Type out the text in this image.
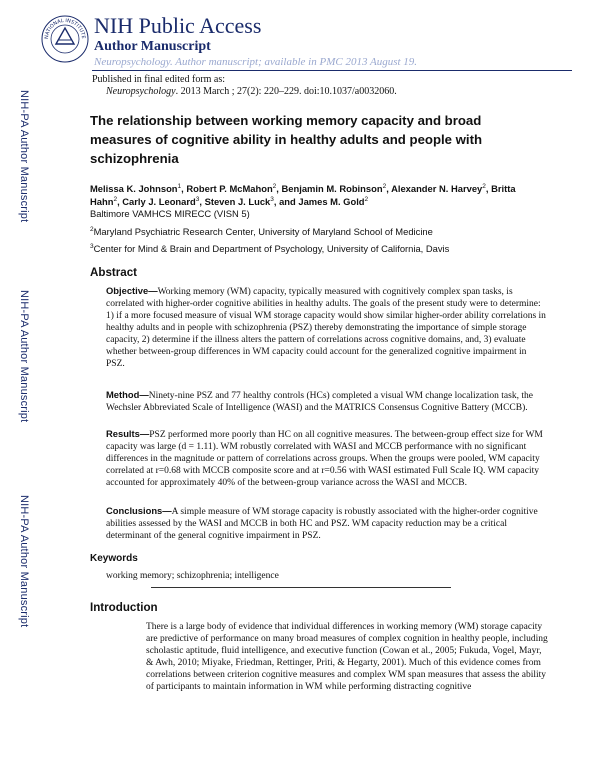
NATIONAL INSTITUTE NIH Public Access
Author Manuscript
Neuropsychology. Author manuscript; available in PMC 2013 August 19.
Published in final edited form as:
Neuropsychology. 2013 March ; 27(2): 220–229. doi:10.1037/a0032060.
NIH-PA Author Manuscript
NIH-PA Author Manuscript
NIH-PA Author Manuscript
The relationship between working memory capacity and broad measures of cognitive ability in healthy adults and people with schizophrenia
Melissa K. Johnson$^1$, Robert P. McMahon$^2$, Benjamin M. Robinson$^2$, Alexander N. Harvey$^2$, Britta Hahn$^2$, Carly J. Leonard$^3$, Steven J. Luck$^3$, and James M. Gold$^2$
Baltimore VAMHCS MIRECC (VISN 5)
$^2$Maryland Psychiatric Research Center, University of Maryland School of Medicine
$^3$Center for Mind & Brain and Department of Psychology, University of California, Davis
Abstract
Objective—Working memory (WM) capacity, typically measured with cognitively complex span tasks, is correlated with higher-order cognitive abilities in healthy adults. The goals of the present study were to determine: 1) if a more focused measure of visual WM storage capacity would show similar higher-order ability correlations in healthy adults and in people with schizophrenia (PSZ) thereby demonstrating the importance of simple storage capacity, 2) determine if the illness alters the pattern of correlations across cognitive domains, and, 3) evaluate whether between-group differences in WM capacity could account for the generalized cognitive impairment in PSZ.
Method—Ninety-nine PSZ and 77 healthy controls (HCs) completed a visual WM change localization task, the Wechsler Abbreviated Scale of Intelligence (WASI) and the MATRICS Consensus Cognitive Battery (MCCB).
Results—PSZ performed more poorly than HC on all cognitive measures. The between-group effect size for WM capacity was large (d = 1.11). WM robustly correlated with WASI and MCCB performance with no significant differences in the magnitude or pattern of correlations across groups. When the groups were pooled, WM capacity correlated at r=0.68 with MCCB composite score and at r=0.56 with WASI estimated Full Scale IQ. WM capacity accounted for approximately 40% of the between-group variance across the WASI and MCCB.
Conclusions—A simple measure of WM storage capacity is robustly associated with the higher-order cognitive abilities assessed by the WASI and MCCB in both HC and PSZ. WM capacity reduction may be a critical determinant of the general cognitive impairment in PSZ.
Keywords
working memory; schizophrenia; intelligence
Introduction
There is a large body of evidence that individual differences in working memory (WM) storage capacity are predictive of performance on many broad measures of complex cognition in healthy people, including scholastic aptitude, fluid intelligence, and executive function (Cowan et al., 2005; Fukuda, Vogel, Mayr, & Awh, 2010; Miyake, Friedman, Rettinger, Priti, & Hegarty, 2001). Much of this evidence comes from correlations between criterion cognitive measures and complex WM span measures that assess the ability of participants to maintain information in WM while performing distracting cognitive
